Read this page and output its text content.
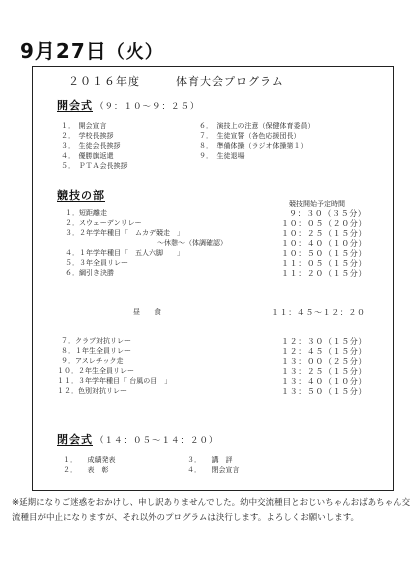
9月27日（火）
２０１６年度	体育大会プログラム
開会式 （９：１０～９：２５）
１．　開会宣言
２．　学校長挨拶
３．　生徒会長挨拶
４．　優勝旗返還
５．　ＰＴＡ会長挨拶
６．　演技上の注意（保健体育委員）
７．　生徒宣誓（各色応援団長）
８．　準備体操（ラジオ体操第１）
９．　生徒退場
競技の部
競技開始予定時間
１．短距離走	９：３０（３５分）
２．スウェーデンリレー	１０：０５（２０分）
３．２年学年種目「　ムカデ競走　」	１０：２５（１５分）
～休憩～（体調確認）	１０：４０（１０分）
４．１年学年種目「　五人六脚　　」	１０：５０（１５分）
５．３年全員リレー	１１：０５（１５分）
６．綱引き決勝	１１：２０（１５分）
昼　　食	１１：４５～１２：２０
７．クラブ対抗リレー	１２：３０（１５分）
８．１年生全員リレー	１２：４５（１５分）
９．アスレチック走	１３：００（２５分）
１０．２年生全員リレー	１３：２５（１５分）
１１．３年学年種目「 台風の目　」	１３：４０（１０分）
１２．色別対抗リレー	１３：５０（１５分）
閉会式 （１４：０５～１４：２０）
１．　　成績発表
２．　　表　彰
３．　　講　評
４．　　閉会宣言
※延期になりご迷惑をおかけし、申し訳ありませんでした。幼中交流種目とおじいちゃんおばあちゃん交流種目が中止になりますが、それ以外のプログラムは決行します。よろしくお願いします。
